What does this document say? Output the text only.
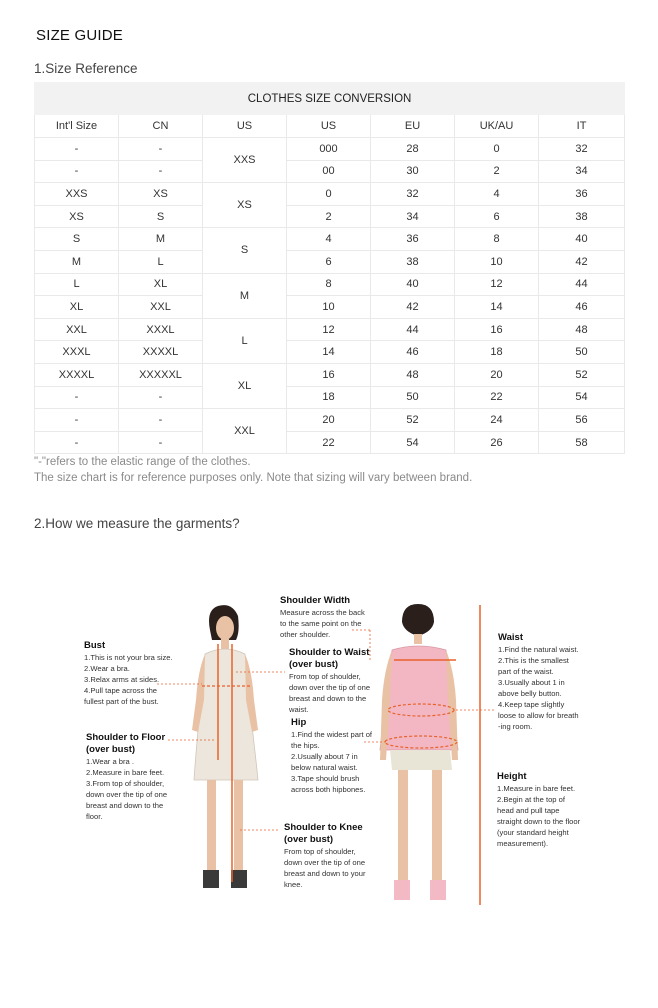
SIZE GUIDE
1.Size Reference
CLOTHES SIZE CONVERSION						
Int'l Size	CN	US	US	EU	UK/AU	IT
-	-	XXS	000	28	0	32
-	-		00	30	2	34
XXS	XS	XS	0	32	4	36
XS	S		2	34	6	38
S	M	S	4	36	8	40
M	L		6	38	10	42
L	XL	M	8	40	12	44
XL	XXL		10	42	14	46
XXL	XXXL	L	12	44	16	48
XXXL	XXXXL		14	46	18	50
XXXXL	XXXXXL	XL	16	48	20	52
-	-		18	50	22	54
-	-	XXL	20	52	24	56
-	-		22	54	26	58
"-"refers to the elastic range of the clothes.
The size chart is for reference purposes only. Note that sizing will vary between brand.
2.How we measure the garments?
Bust
1.This is not your bra size.
2.Wear a bra.
3.Relax arms at sides.
4.Pull tape across the
fullest part of the bust.
Shoulder to Floor (over bust)
1.Wear a bra .
2.Measure in bare feet.
3.From top of shoulder,
down over the tip of one
breast and down to the
floor.
Shoulder Width
Measure across the back
to the same point on the
other shoulder.
Shoulder to Waist (over bust)
From top of shoulder,
down over the tip of one
breast and down to the
waist.
Hip
1.Find the widest part of
the hips.
2.Usually about 7 in
below natural waist.
3.Tape should brush
across both hipbones.
Shoulder to Knee (over bust)
From top of shoulder,
down over the tip of one
breast and down to your
knee.
Waist
1.Find the natural waist.
2.This is the smallest
part of the waist.
3.Usually about 1 in
above belly button.
4.Keep tape slightly
loose to allow for breath
-ing room.
Height
1.Measure in bare feet.
2.Begin at the top of
head and pull tape
straight down to the floor
(your standard height
measurement).
